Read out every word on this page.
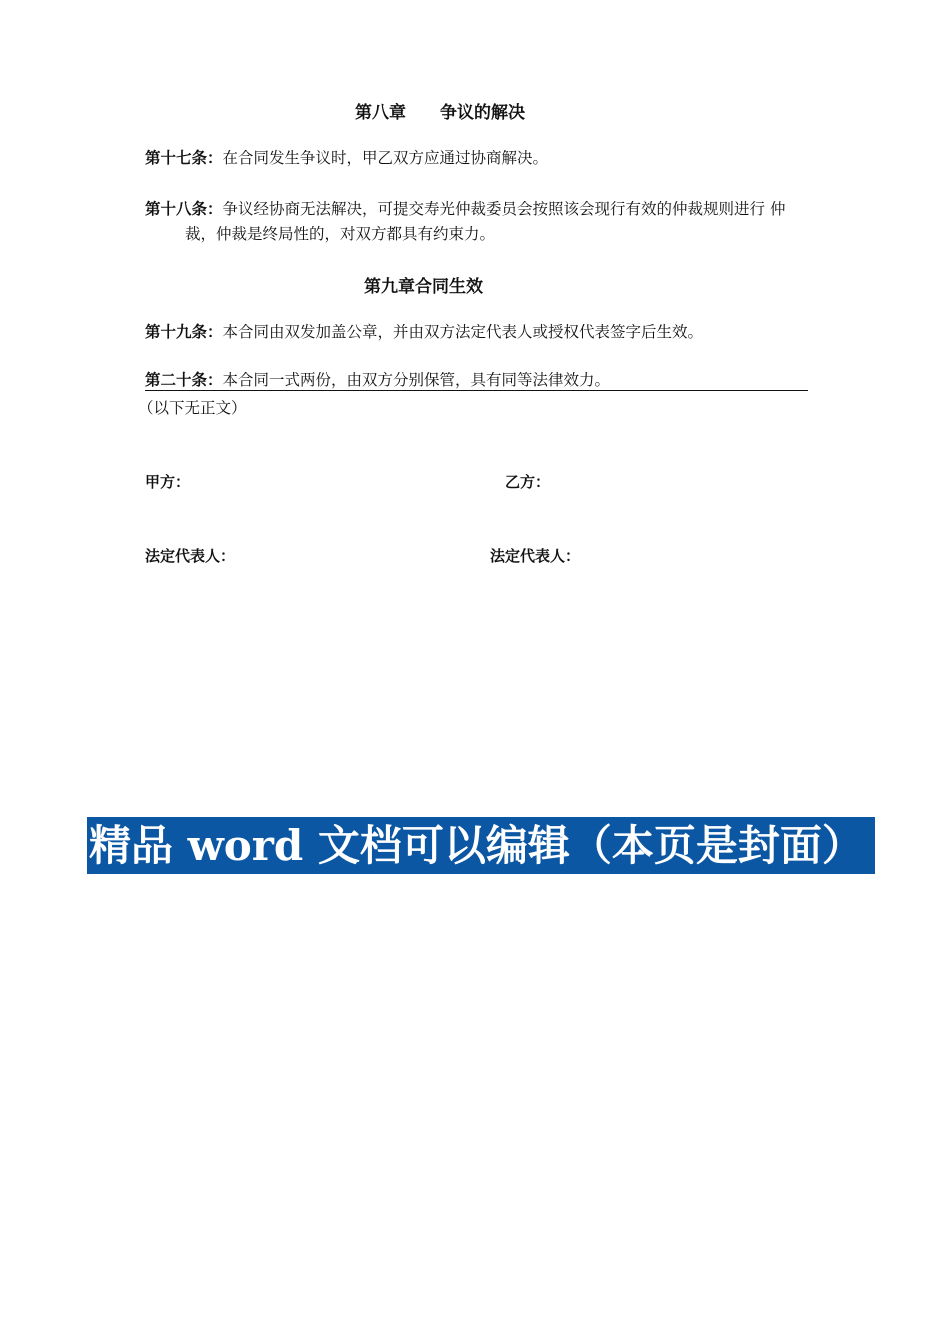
第八章　　争议的解决
第十七条：在合同发生争议时，甲乙双方应通过协商解决。
第十八条：争议经协商无法解决，可提交寿光仲裁委员会按照该会现行有效的仲裁规则进行 仲
裁，仲裁是终局性的，对双方都具有约束力。
第九章合同生效
第十九条：本合同由双发加盖公章，并由双方法定代表人或授权代表签字后生效。
第二十条：本合同一式两份，由双方分别保管，具有同等法律效力。
（以下无正文）
甲方：	乙方：
法定代表人：	法定代表人：
精品 word 文档可以编辑（本页是封面）
